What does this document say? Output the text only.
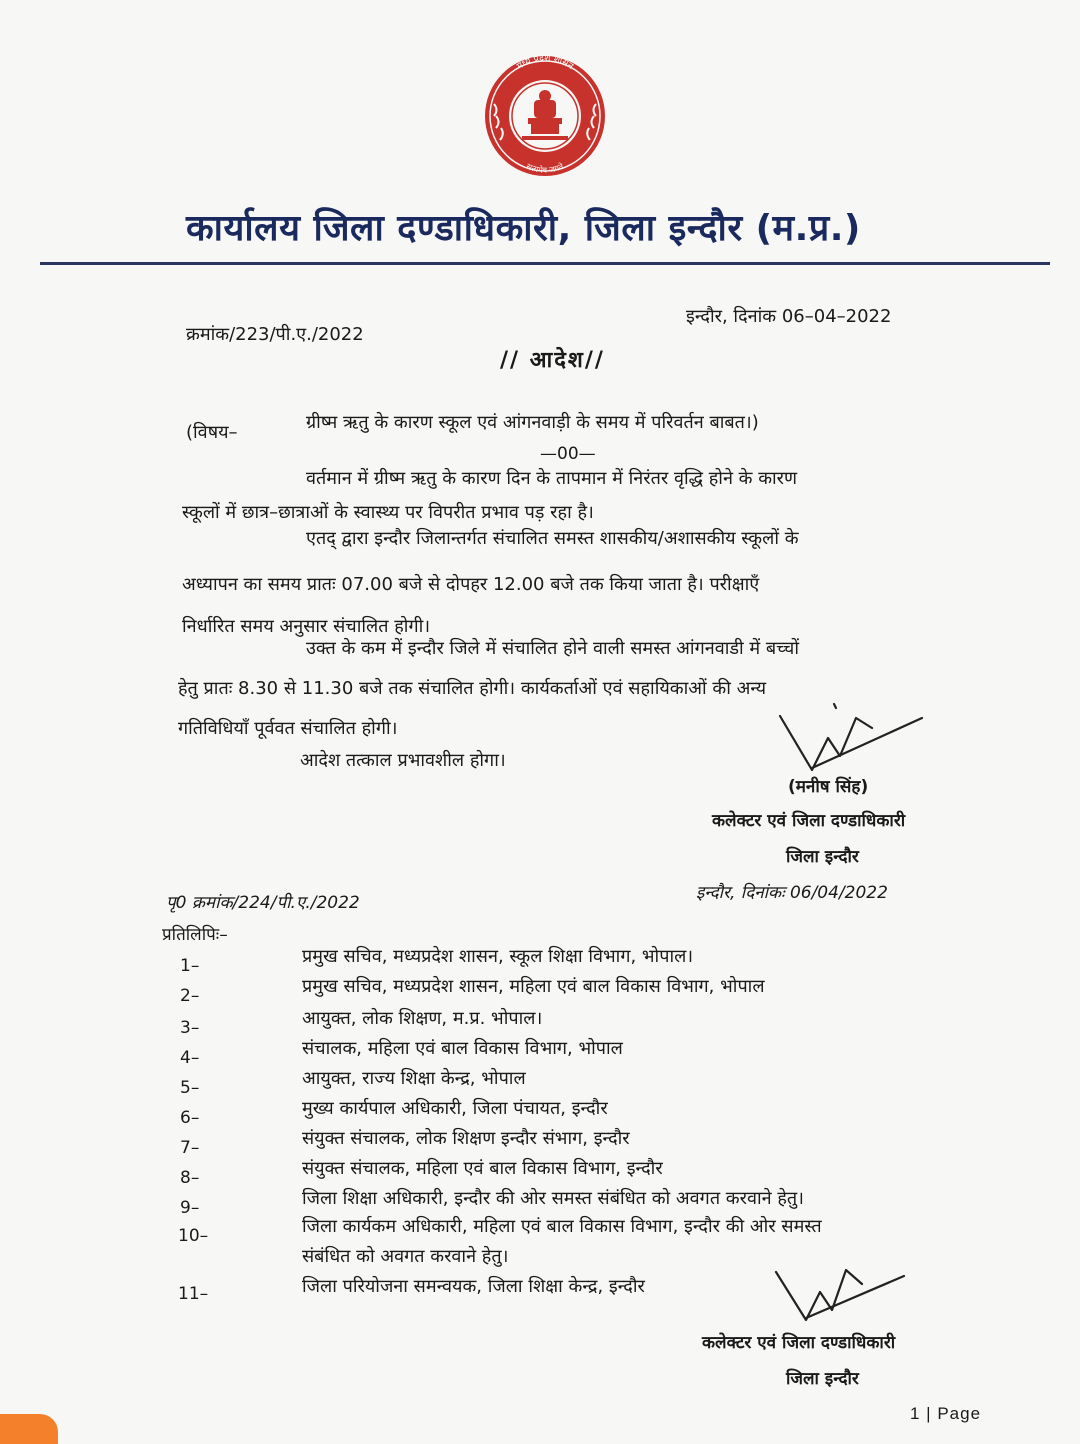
मध्य प्रदेश शासन
सत्यमेव जयते
कार्यालय जिला दण्डाधिकारी, जिला इन्दौर (म.प्र.)
क्रमांक/223/पी.ए./2022
इन्दौर, दिनांक 06–04–2022
// आदेश//
(विषय–	ग्रीष्म ऋतु के कारण स्कूल एवं आंगनवाड़ी के समय में परिवर्तन बाबत।)
—00—
वर्तमान में ग्रीष्म ऋतु के कारण दिन के तापमान में निरंतर वृद्धि होने के कारण
स्कूलों में छात्र–छात्राओं के स्वास्थ्य पर विपरीत प्रभाव पड़ रहा है।
एतद् द्वारा इन्दौर जिलान्तर्गत संचालित समस्त शासकीय/अशासकीय स्कूलों के
अध्यापन का समय प्रातः 07.00 बजे से दोपहर 12.00 बजे तक किया जाता है। परीक्षाएँ
निर्धारित समय अनुसार संचालित होगी।
उक्त के कम में इन्दौर जिले में संचालित होने वाली समस्त आंगनवाडी में बच्चों
हेतु प्रातः 8.30 से 11.30 बजे तक संचालित होगी। कार्यकर्ताओं एवं सहायिकाओं की अन्य
गतिविधियॉं पूर्ववत संचालित होगी।
आदेश तत्काल प्रभावशील होगा।
(मनीष सिंह)
कलेक्टर एवं जिला दण्डाधिकारी
जिला इन्दौर
पृ0 क्रमांक/224/पी.ए./2022	इन्दौर, दिनांकः 06/04/2022
प्रतिलिपिः–
1–	प्रमुख सचिव, मध्यप्रदेश शासन, स्कूल शिक्षा विभाग, भोपाल।
2–	प्रमुख सचिव, मध्यप्रदेश शासन, महिला एवं बाल विकास विभाग, भोपाल
3–	आयुक्त, लोक शिक्षण, म.प्र. भोपाल।
4–	संचालक, महिला एवं बाल विकास विभाग, भोपाल
5–	आयुक्त, राज्य शिक्षा केन्द्र, भोपाल
6–	मुख्य कार्यपाल अधिकारी, जिला पंचायत, इन्दौर
7–	संयुक्त संचालक, लोक शिक्षण इन्दौर संभाग, इन्दौर
8–	संयुक्त संचालक, महिला एवं बाल विकास विभाग, इन्दौर
9–	जिला शिक्षा अधिकारी, इन्दौर की ओर समस्त संबंधित को अवगत करवाने हेतु।
10–	जिला कार्यकम अधिकारी, महिला एवं बाल विकास विभाग, इन्दौर की ओर समस्त
संबंधित को अवगत करवाने हेतु।
11–	जिला परियोजना समन्वयक, जिला शिक्षा केन्द्र, इन्दौर
कलेक्टर एवं जिला दण्डाधिकारी
जिला इन्दौर
1 | Page
